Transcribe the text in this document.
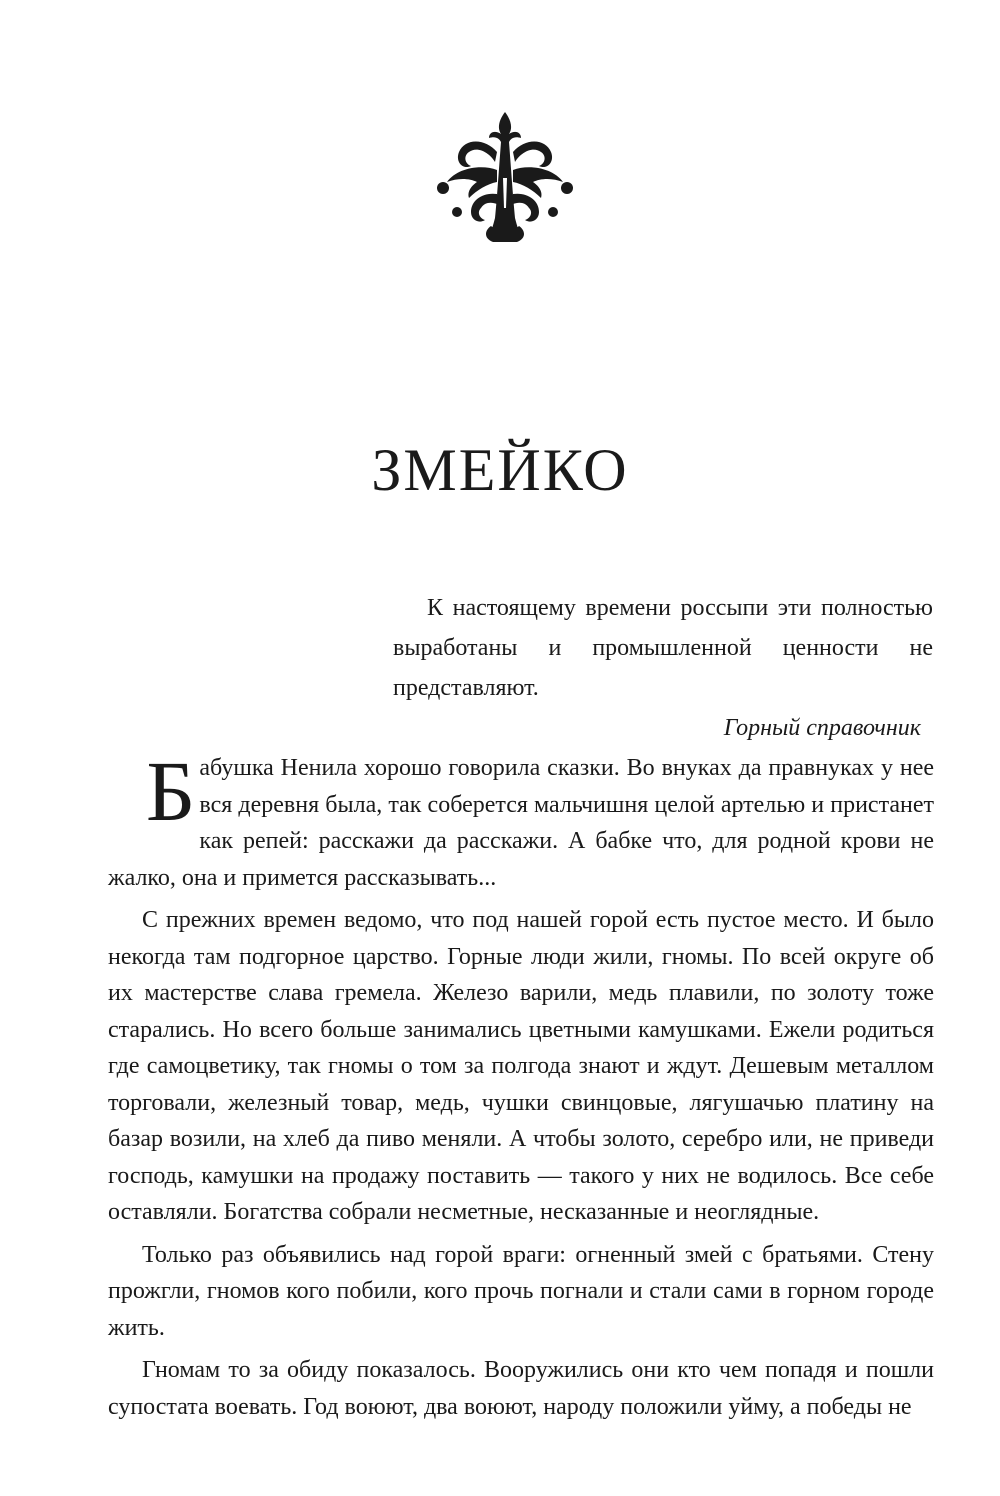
ЗМЕЙКО

К настоящему времени россыпи эти полностью выработаны и промышленной ценности не представляют.

Горный справочник

Бабушка Ненила хорошо говорила сказки. Во внуках да правнуках у нее вся деревня была, так соберется мальчишня целой артелью и пристанет как репей: расскажи да расскажи. А бабке что, для родной крови не жалко, она и примется рассказывать...

С прежних времен ведомо, что под нашей горой есть пустое место. И было некогда там подгорное царство. Горные люди жили, гномы. По всей округе об их мастерстве слава гремела. Железо варили, медь плавили, по золоту тоже старались. Но всего больше занимались цветными камушками. Ежели родиться где самоцветику, так гномы о том за полгода знают и ждут. Дешевым металлом торговали, железный товар, медь, чушки свинцовые, лягушачью платину на базар возили, на хлеб да пиво меняли. А чтобы золото, серебро или, не приведи господь, камушки на продажу поставить — такого у них не водилось. Все себе оставляли. Богатства собрали несметные, несказанные и неоглядные.

Только раз объявились над горой враги: огненный змей с братьями. Стену прожгли, гномов кого побили, кого прочь погнали и стали сами в горном городе жить.

Гномам то за обиду показалось. Вооружились они кто чем попадя и пошли супостата воевать. Год воюют, два воюют, народу положили уйму, а победы не
